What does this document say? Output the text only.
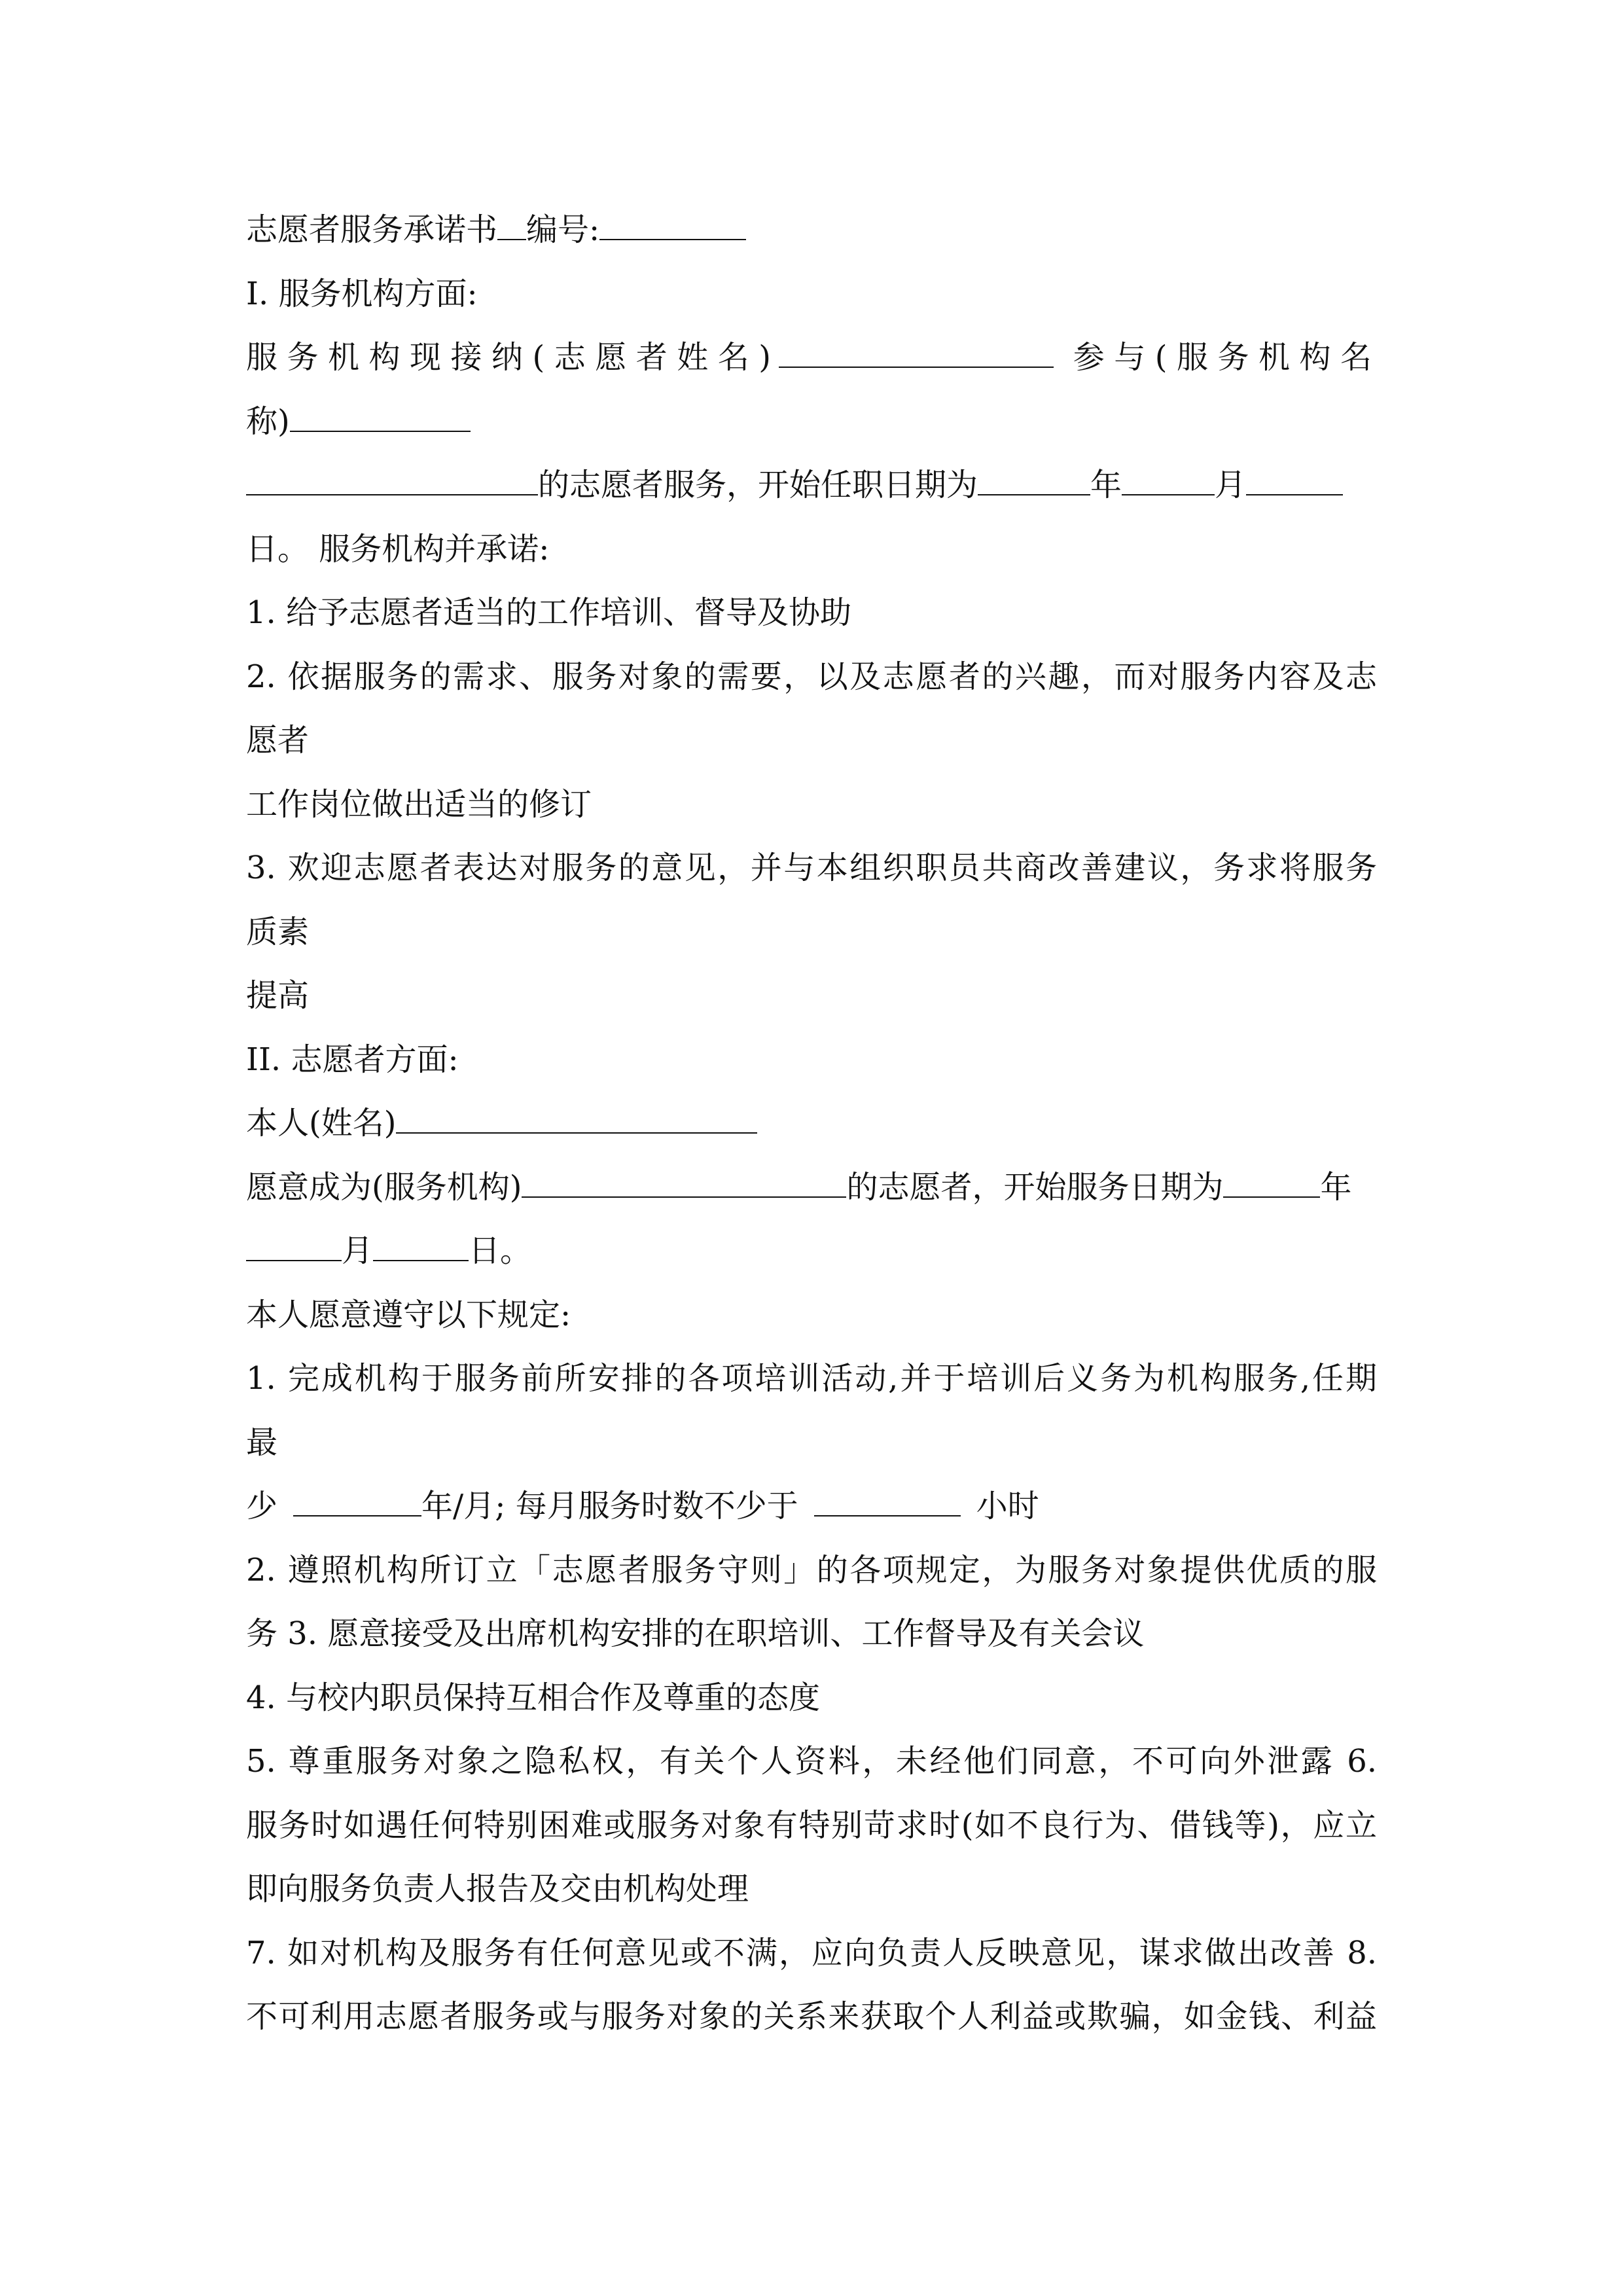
志愿者服务承诺书 编号:
I. 服务机构方面:
服务机构现接纳(志愿者姓名)	参与(服务机构名
称)
的志愿者服务，开始任职日期为	年	月
日。 服务机构并承诺:
1. 给予志愿者适当的工作培训、督导及协助
2. 依据服务的需求、服务对象的需要，以及志愿者的兴趣，而对服务内容及志
愿者
工作岗位做出适当的修订
3. 欢迎志愿者表达对服务的意见，并与本组织职员共商改善建议，务求将服务
质素
提高
II. 志愿者方面:
本人(姓名)
愿意成为(服务机构)	的志愿者，开始服务日期为	年
月	日。
本人愿意遵守以下规定:
1. 完成机构于服务前所安排的各项培训活动,并于培训后义务为机构服务,任期
最
少	年/月; 每月服务时数不少于	小时
2. 遵照机构所订立「志愿者服务守则」的各项规定，为服务对象提供优质的服
务 3. 愿意接受及出席机构安排的在职培训、工作督导及有关会议
4. 与校内职员保持互相合作及尊重的态度
5. 尊重服务对象之隐私权，有关个人资料，未经他们同意，不可向外泄露 6.
服务时如遇任何特别困难或服务对象有特别苛求时(如不良行为、借钱等)，应立
即向服务负责人报告及交由机构处理
7. 如对机构及服务有任何意见或不满，应向负责人反映意见，谋求做出改善 8.
不可利用志愿者服务或与服务对象的关系来获取个人利益或欺骗，如金钱、利益
